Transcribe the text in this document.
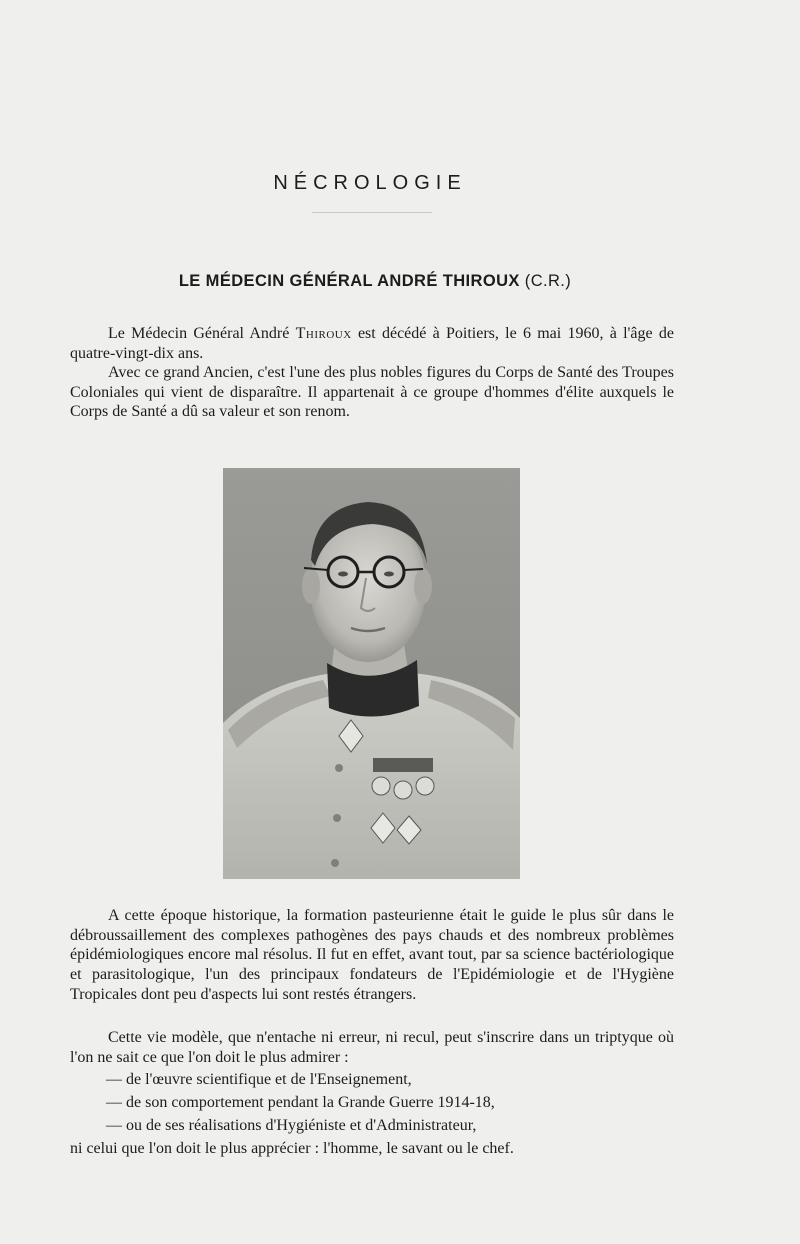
NÉCROLOGIE
LE MÉDECIN GÉNÉRAL ANDRÉ THIROUX (C.R.)

Le Médecin Général André Thiroux est décédé à Poitiers, le 6 mai 1960, à l'âge de quatre-vingt-dix ans.

Avec ce grand Ancien, c'est l'une des plus nobles figures du Corps de Santé des Troupes Coloniales qui vient de disparaître. Il appartenait à ce groupe d'hommes d'élite auxquels le Corps de Santé a dû sa valeur et son renom.

A cette époque historique, la formation pasteurienne était le guide le plus sûr dans le débroussaillement des complexes pathogènes des pays chauds et des nombreux problèmes épidémiologiques encore mal résolus. Il fut en effet, avant tout, par sa science bactériologique et parasitologique, l'un des principaux fondateurs de l'Epidémiologie et de l'Hygiène Tropicales dont peu d'aspects lui sont restés étrangers.

Cette vie modèle, que n'entache ni erreur, ni recul, peut s'inscrire dans un triptyque où l'on ne sait ce que l'on doit le plus admirer :

— de l'œuvre scientifique et de l'Enseignement,

— de son comportement pendant la Grande Guerre 1914-18,

— ou de ses réalisations d'Hygiéniste et d'Administrateur,

ni celui que l'on doit le plus apprécier : l'homme, le savant ou le chef.
